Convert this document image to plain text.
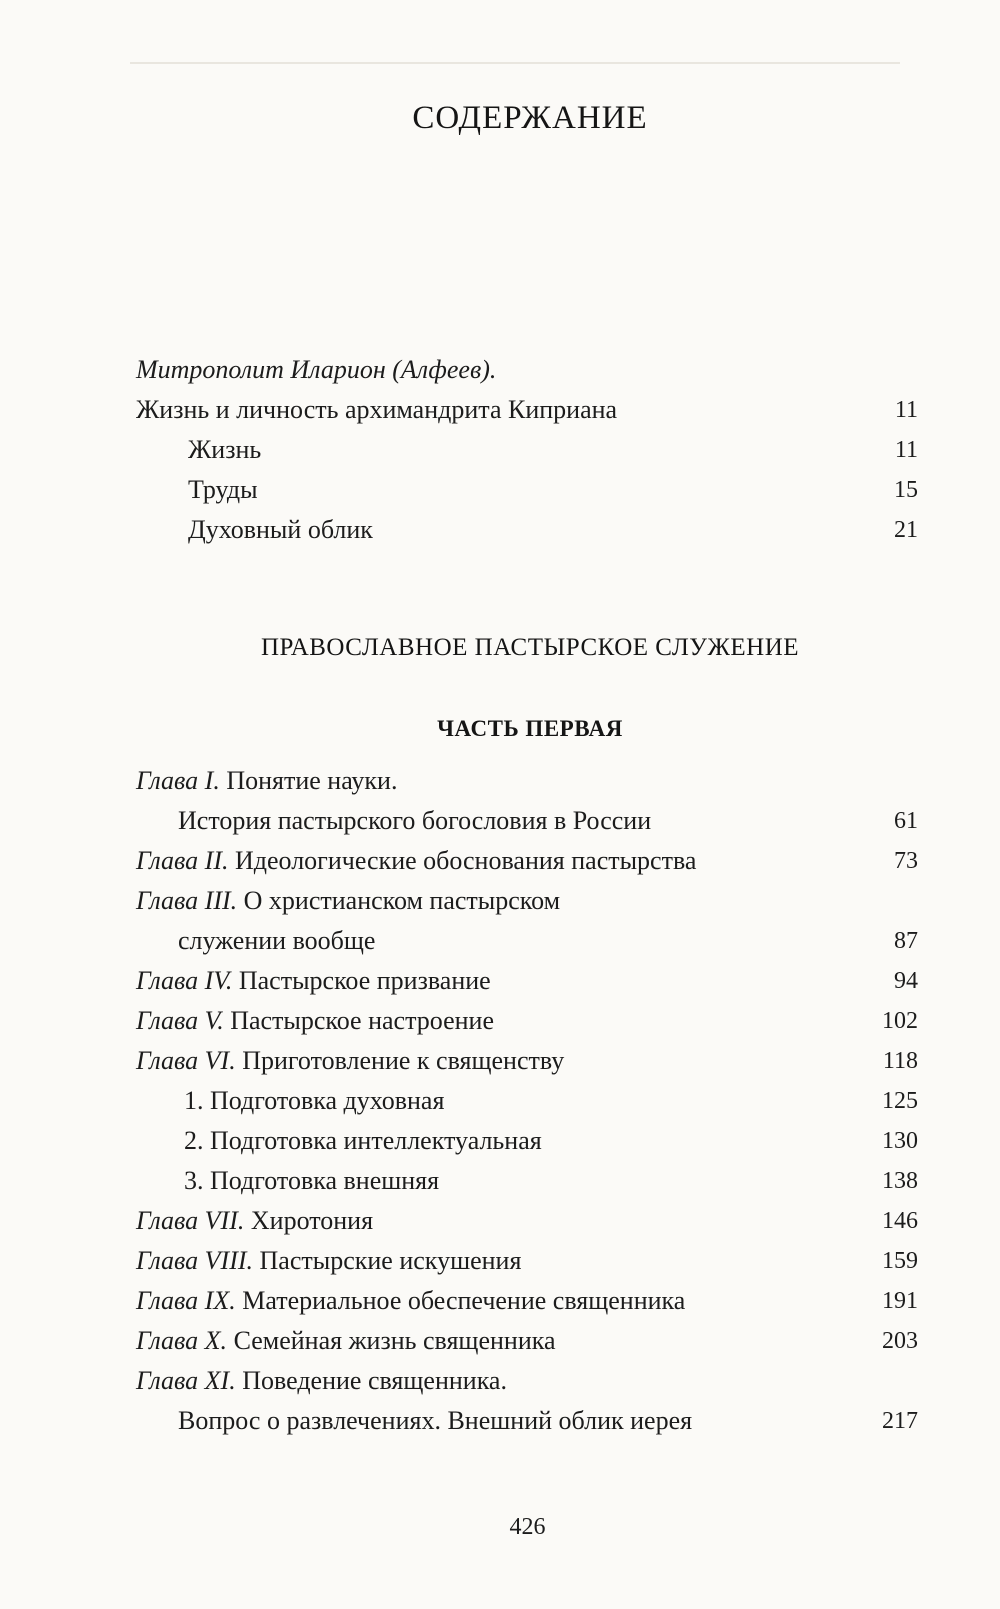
СОДЕРЖАНИЕ
Митрополит Иларион (Алфеев).
Жизнь и личность архимандрита Киприана	11
Жизнь	11
Труды	15
Духовный облик	21
ПРАВОСЛАВНОЕ ПАСТЫРСКОЕ СЛУЖЕНИЕ
ЧАСТЬ ПЕРВАЯ
Глава I. Понятие науки.
История пастырского богословия в России	61
Глава II. Идеологические обоснования пастырства	73
Глава III. О христианском пастырском
служении вообще	87
Глава IV. Пастырское призвание	94
Глава V. Пастырское настроение	102
Глава VI. Приготовление к священству	118
1. Подготовка духовная	125
2. Подготовка интеллектуальная	130
3. Подготовка внешняя	138
Глава VII. Хиротония	146
Глава VIII. Пастырские искушения	159
Глава IX. Материальное обеспечение священника	191
Глава X. Семейная жизнь священника	203
Глава XI. Поведение священника.
Вопрос о развлечениях. Внешний облик иерея	217
426
